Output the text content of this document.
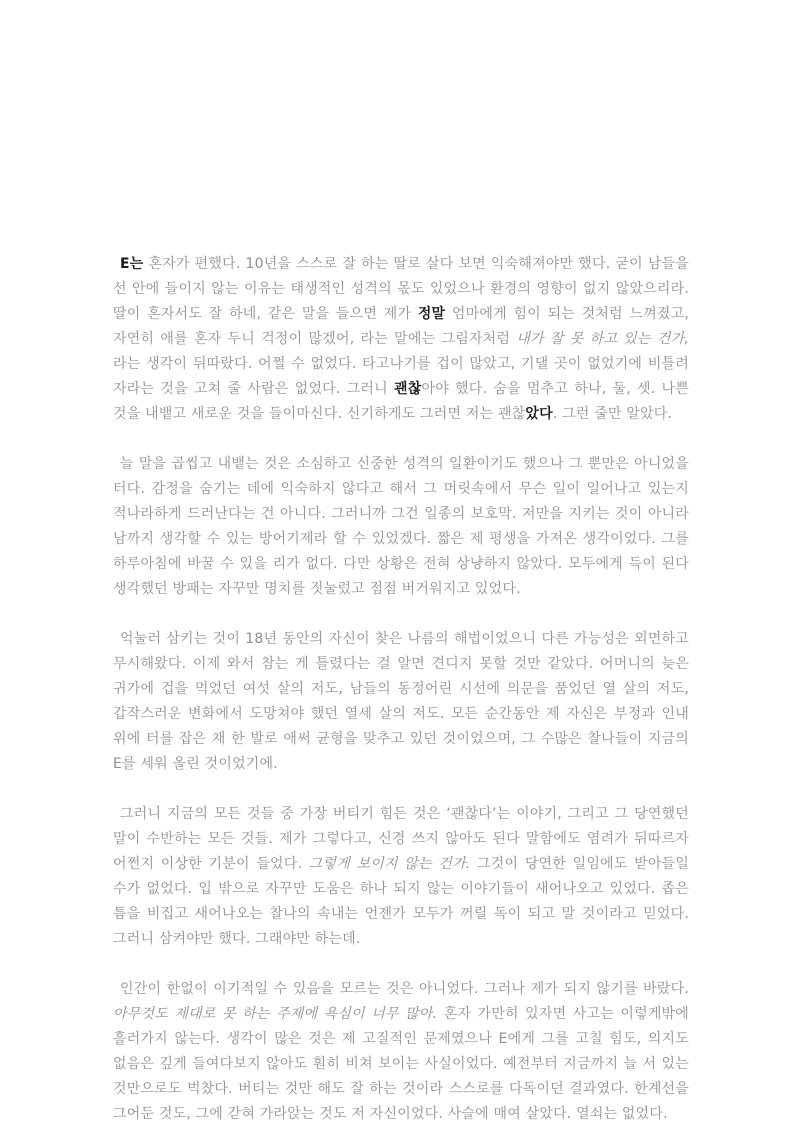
E는 혼자가 편했다. 10년을 스스로 잘 하는 딸로 살다 보면 익숙해져야만 했다. 굳이 남들을 선 안에 들이지 않는 이유는 태생적인 성격의 몫도 있었으나 환경의 영향이 없지 않았으리라. 딸이 혼자서도 잘 하네, 같은 말을 들으면 제가 정말 엄마에게 힘이 되는 것처럼 느껴졌고, 자연히 애를 혼자 두니 걱정이 많겠어, 라는 말에는 그림자처럼 내가 잘 못 하고 있는 건가, 라는 생각이 뒤따랐다. 어쩔 수 없었다. 타고나기를 겁이 많았고, 기댈 곳이 없었기에 비틀려 자라는 것을 고쳐 줄 사람은 없었다. 그러니 괜찮아야 했다. 숨을 멈추고 하나, 둘, 셋. 나쁜 것을 내뱉고 새로운 것을 들이마신다. 신기하게도 그러면 저는 괜찮았다. 그런 줄만 알았다.

늘 말을 곱씹고 내뱉는 것은 소심하고 신중한 성격의 일환이기도 했으나 그 뿐만은 아니었을 터다. 감정을 숨기는 데에 익숙하지 않다고 해서 그 머릿속에서 무슨 일이 일어나고 있는지 적나라하게 드러난다는 건 아니다. 그러니까 그건 일종의 보호막. 저만을 지키는 것이 아니라 남까지 생각할 수 있는 방어기제라 할 수 있었겠다. 짧은 제 평생을 가져온 생각이었다. 그를 하루아침에 바꿀 수 있을 리가 없다. 다만 상황은 전혀 상냥하지 않았다. 모두에게 득이 된다 생각했던 방패는 자꾸만 명치를 짓눌렀고 점점 버거워지고 있었다.

억눌러 삼키는 것이 18년 동안의 자신이 찾은 나름의 해법이었으니 다른 가능성은 외면하고 무시해왔다. 이제 와서 참는 게 틀렸다는 걸 알면 견디지 못할 것만 같았다. 어머니의 늦은 귀가에 겁을 먹었던 여섯 살의 저도, 남들의 동정어린 시선에 의문을 품었던 열 살의 저도, 갑작스러운 변화에서 도망쳐야 했던 열세 살의 저도. 모든 순간동안 제 자신은 부정과 인내 위에 터를 잡은 채 한 발로 애써 균형을 맞추고 있던 것이었으며, 그 수많은 찰나들이 지금의 E를 세워 올린 것이었기에.

그러니 지금의 모든 것들 중 가장 버티기 힘든 것은 ‘괜찮다’는 이야기, 그리고 그 당연했던 말이 수반하는 모든 것들. 제가 그렇다고, 신경 쓰지 않아도 된다 말함에도 염려가 뒤따르자 어쩐지 이상한 기분이 들었다. 그렇게 보이지 않는 건가. 그것이 당연한 일임에도 받아들일 수가 없었다. 입 밖으로 자꾸만 도움은 하나 되지 않는 이야기들이 새어나오고 있었다. 좁은 틈을 비집고 새어나오는 찰나의 속내는 언젠가 모두가 꺼릴 독이 되고 말 것이라고 믿었다. 그러니 삼켜야만 했다. 그래야만 하는데.

인간이 한없이 이기적일 수 있음을 모르는 것은 아니었다. 그러나 제가 되지 않기를 바랐다. 아무것도 제대로 못 하는 주제에 욕심이 너무 많아. 혼자 가만히 있자면 사고는 이렇게밖에 흘러가지 않는다. 생각이 많은 것은 제 고질적인 문제였으나 E에게 그를 고칠 힘도, 의지도 없음은 깊게 들여다보지 않아도 훤히 비쳐 보이는 사실이었다. 예전부터 지금까지 늘 서 있는 것만으로도 벅찼다. 버티는 것만 해도 잘 하는 것이라 스스로를 다독이던 결과였다. 한계선을 그어둔 것도, 그에 갇혀 가라앉는 것도 저 자신이었다. 사슬에 매여 살았다. 열쇠는 없었다.
